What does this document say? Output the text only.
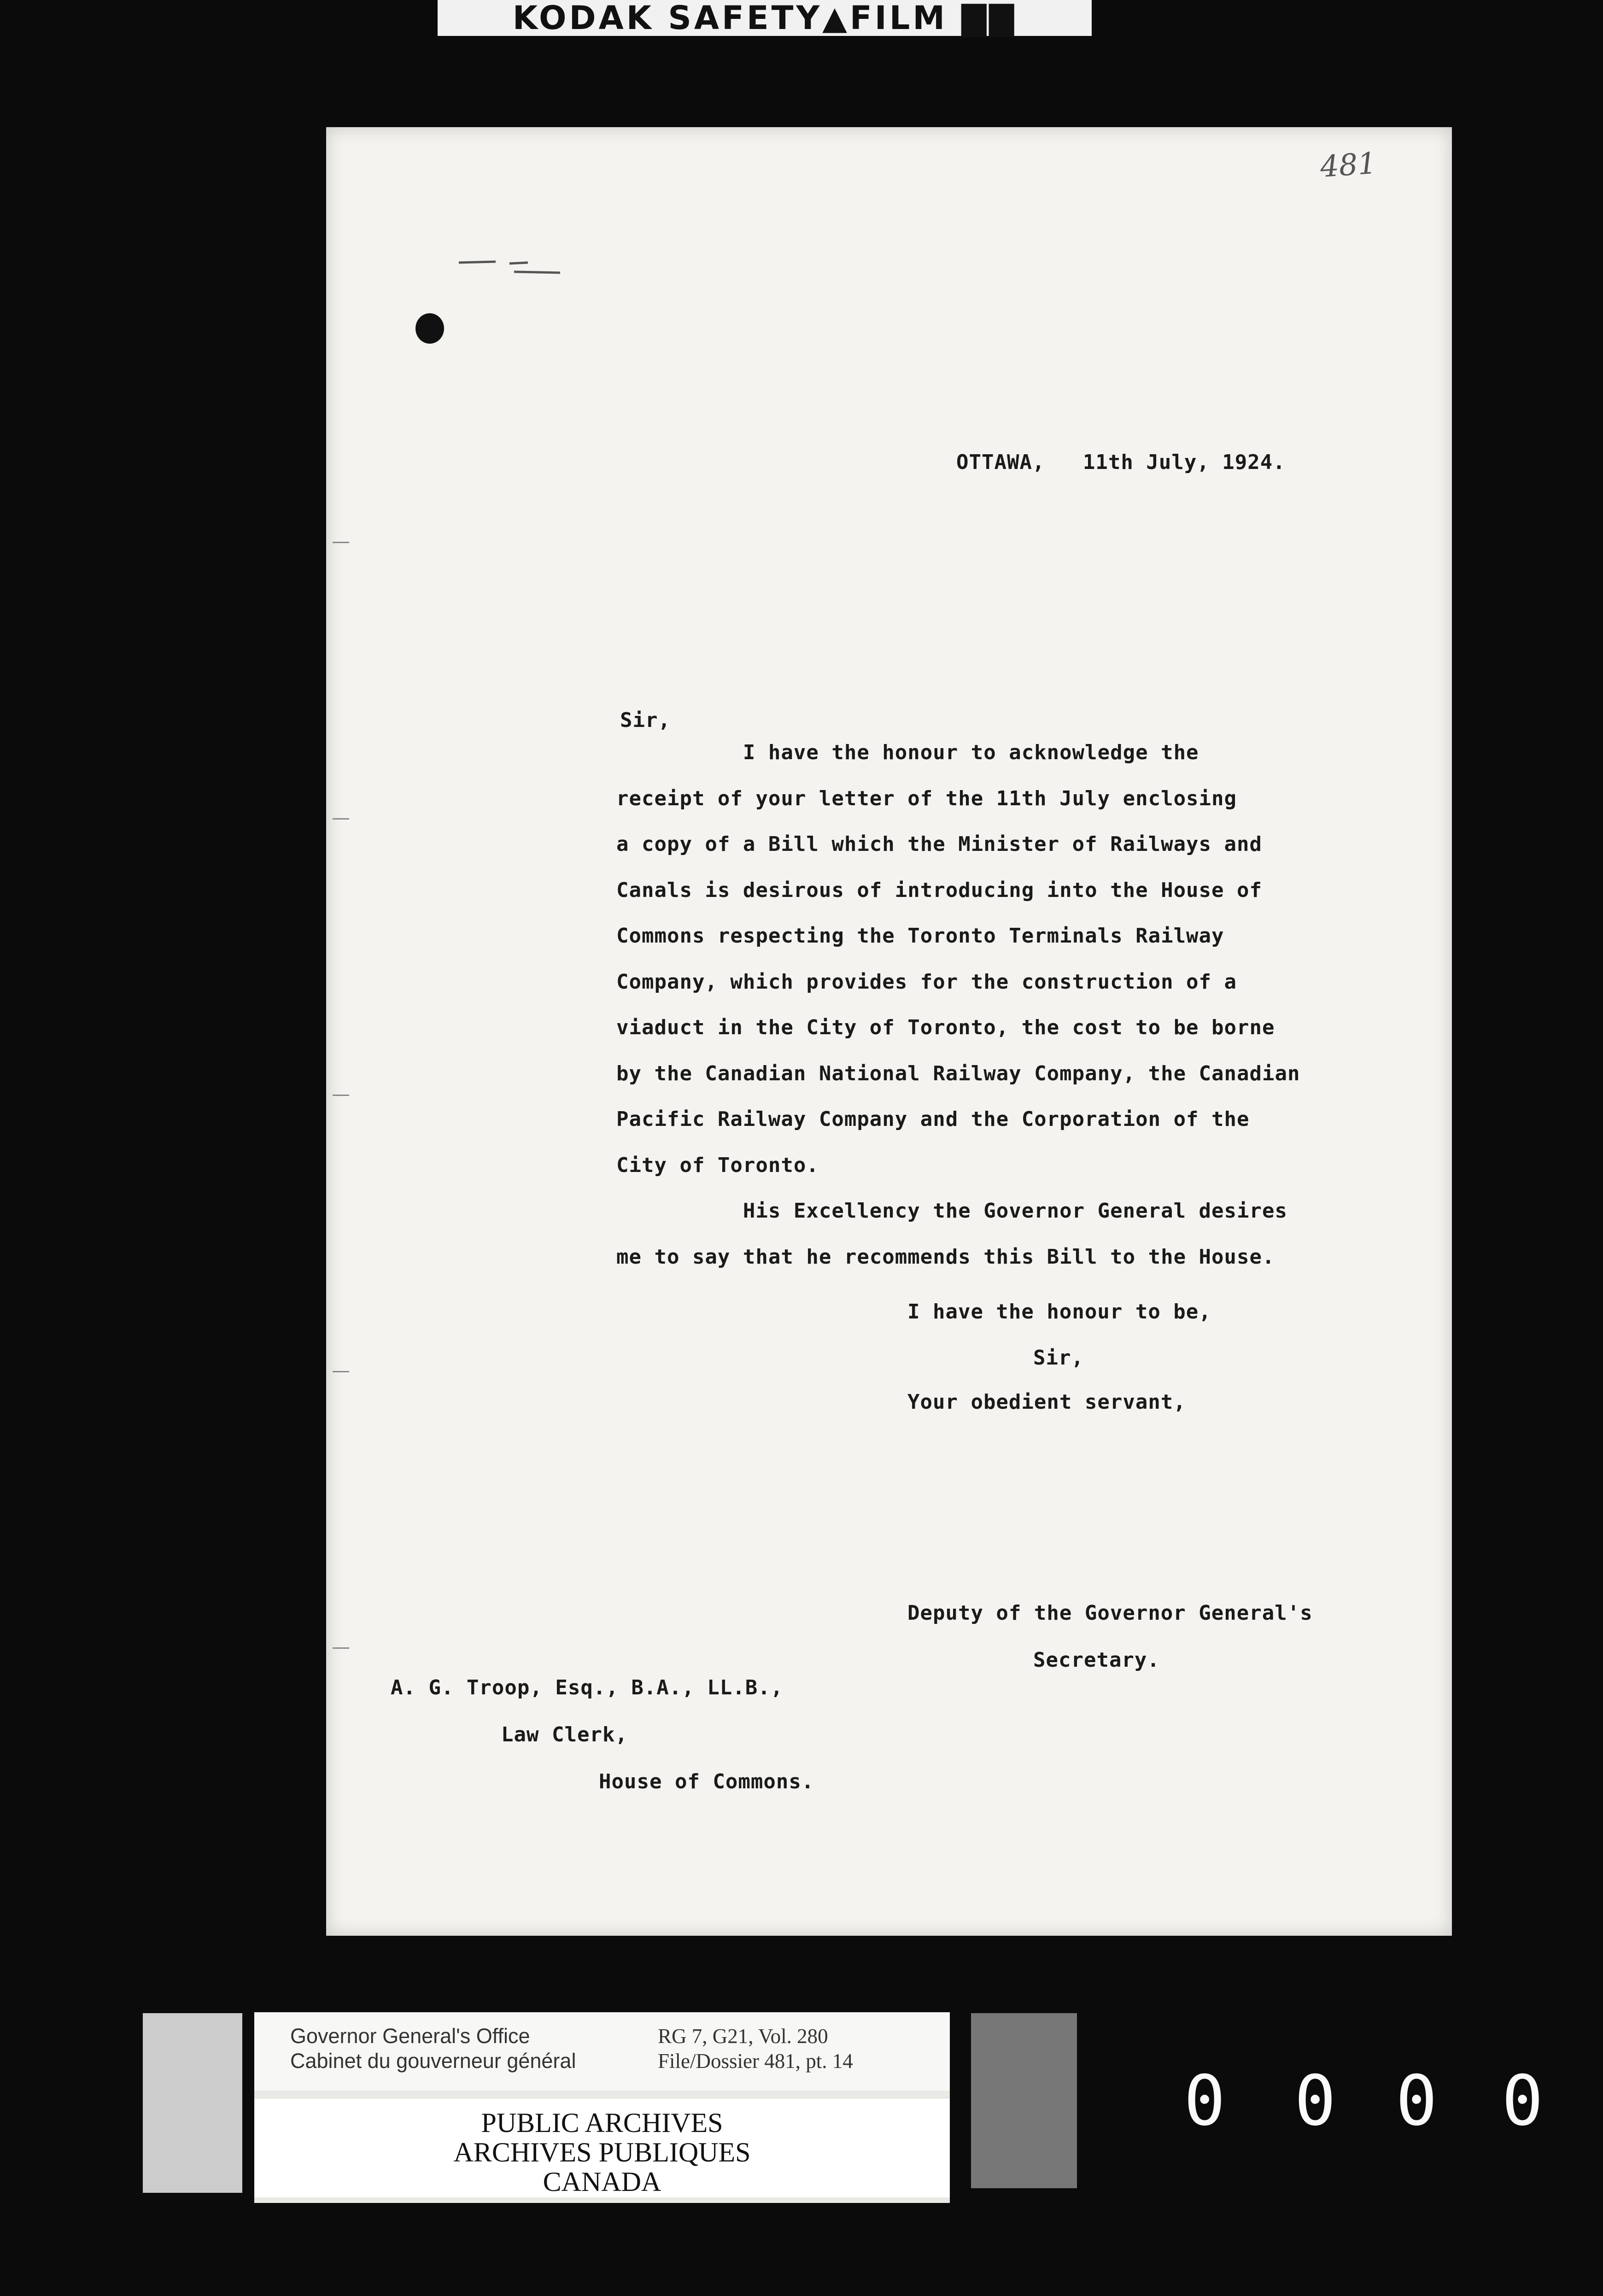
KODAK SAFETY▲FILM ▇▇
481
OTTAWA,   11th July, 1924.
Sir,
I have the honour to acknowledge the
receipt of your letter of the 11th July enclosing
a copy of a Bill which the Minister of Railways and
Canals is desirous of introducing into the House of
Commons respecting the Toronto Terminals Railway
Company, which provides for the construction of a
viaduct in the City of Toronto, the cost to be borne
by the Canadian National Railway Company, the Canadian
Pacific Railway Company and the Corporation of the
City of Toronto.
His Excellency the Governor General desires
me to say that he recommends this Bill to the House.
I have the honour to be,
Sir,
Your obedient servant,
Deputy of the Governor General's
Secretary.
A. G. Troop, Esq., B.A., LL.B.,
Law Clerk,
House of Commons.
Governor General's Office
Cabinet du gouverneur général
RG 7, G21, Vol. 280
File/Dossier 481, pt. 14
PUBLIC ARCHIVES
ARCHIVES PUBLIQUES
CANADA
0 0 0 0
